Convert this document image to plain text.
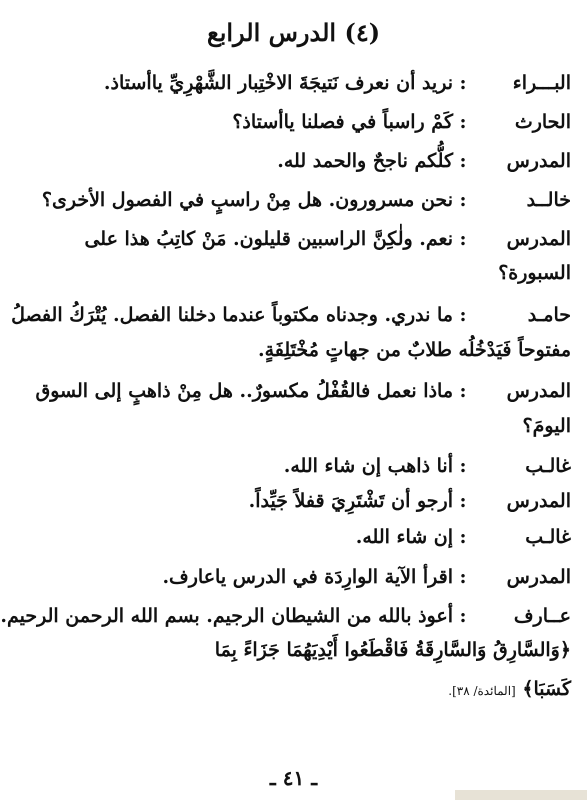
(٤) الدرس الرابع
البـــراء:نريد أن نعرف نَتيجَةَ الاخْتِبار الشَّهْرِيِّ ياأستاذ.
الحارث:كَمْ راسباً في فصلنا ياأستاذ؟
المدرس:كلُّكم ناجحٌ والحمد لله.
خالــد:نحن مسرورون. هل مِنْ راسبٍ في الفصول الأخرى؟
المدرس:نعم. ولٰكِنَّ الراسبين قليلون. مَنْ كاتِبُ هذا على
السبورة؟
حامـد:ما ندري. وجدناه مكتوباً عندما دخلنا الفصل. يُتْرَكُ الفصلُ
مفتوحاً فَيَدْخُلُه طلابٌ من جهاتٍ مُخْتَلِفَةٍ.
المدرس:ماذا نعمل فالقُفْلُ مكسورٌ.. هل مِنْ ذاهبٍ إلى السوق
اليومَ؟
غالـب:أنا ذاهب إن شاء الله.
المدرس:أرجو أن تَشْتَرِيَ قفلاً جَيِّداً.
غالـب:إن شاء الله.
المدرس:اقرأ الآية الوارِدَة في الدرس ياعارف.
عــارف:أعوذ بالله من الشيطان الرجيم. بسم الله الرحمن الرحيم.
﴿وَالسَّارِقُ وَالسَّارِقَةُ فَاقْطَعُوا أَيْدِيَهُمَا جَزَاءً بِمَا
كَسَبَا﴾ [المائدة/ ٣٨].
ـ ٤١ ـ
